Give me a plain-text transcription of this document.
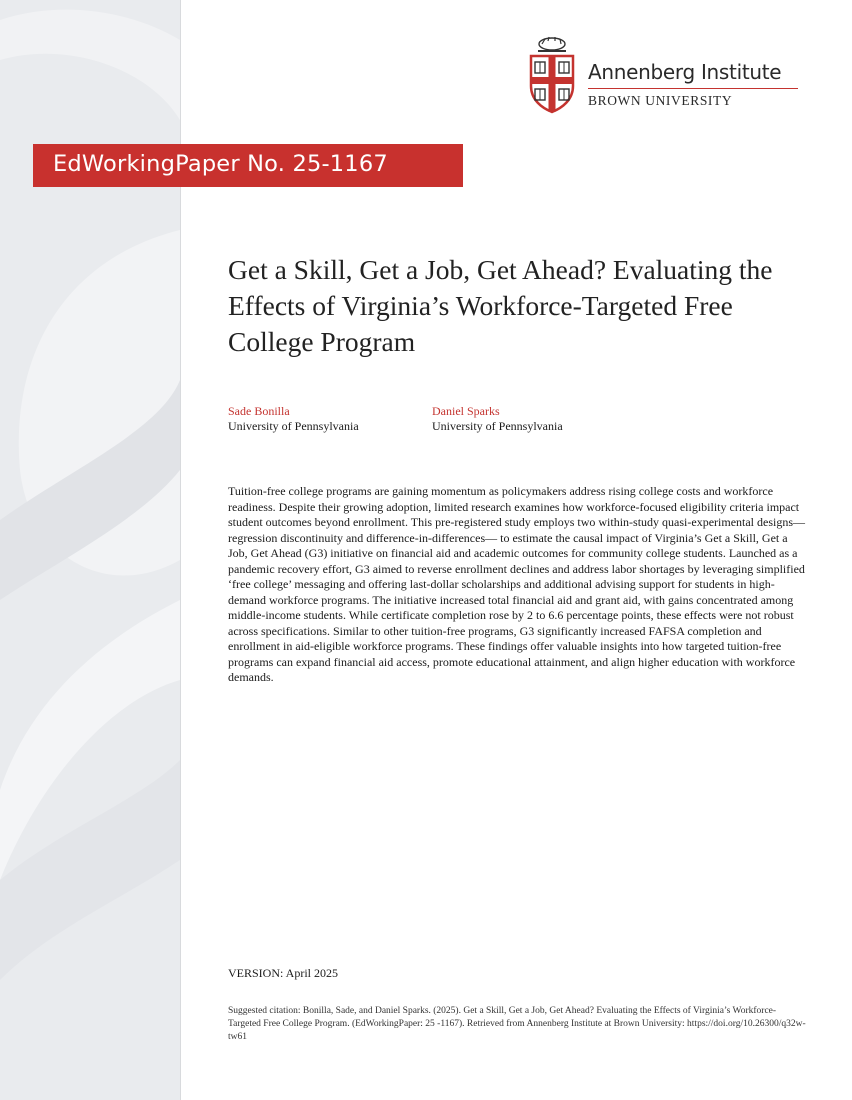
Annenberg Institute
BROWN UNIVERSITY
EdWorkingPaper No. 25-1167
Get a Skill, Get a Job, Get Ahead? Evaluating the Effects of Virginia’s Workforce-Targeted Free College Program
Sade Bonilla
University of Pennsylvania
Daniel Sparks
University of Pennsylvania

Tuition-free college programs are gaining momentum as policymakers address rising college costs and workforce readiness. Despite their growing adoption, limited research examines how workforce-focused eligibility criteria impact student outcomes beyond enrollment. This pre-registered study employs two within-study quasi-experimental designs—regression discontinuity and difference-in-differences— to estimate the causal impact of Virginia’s Get a Skill, Get a Job, Get Ahead (G3) initiative on financial aid and academic outcomes for community college students. Launched as a pandemic recovery effort, G3 aimed to reverse enrollment declines and address labor shortages by leveraging simplified ‘free college’ messaging and offering last-dollar scholarships and additional advising support for students in high-demand workforce programs. The initiative increased total financial aid and grant aid, with gains concentrated among middle-income students. While certificate completion rose by 2 to 6.6 percentage points, these effects were not robust across specifications. Similar to other tuition-free programs, G3 significantly increased FAFSA completion and enrollment in aid-eligible workforce programs. These findings offer valuable insights into how targeted tuition-free programs can expand financial aid access, promote educational attainment, and align higher education with workforce demands.

VERSION: April 2025

Suggested citation: Bonilla, Sade, and Daniel Sparks. (2025). Get a Skill, Get a Job, Get Ahead? Evaluating the Effects of Virginia’s Workforce-Targeted Free College Program. (EdWorkingPaper: 25 -1167). Retrieved from Annenberg Institute at Brown University: https://doi.org/10.26300/q32w-tw61
